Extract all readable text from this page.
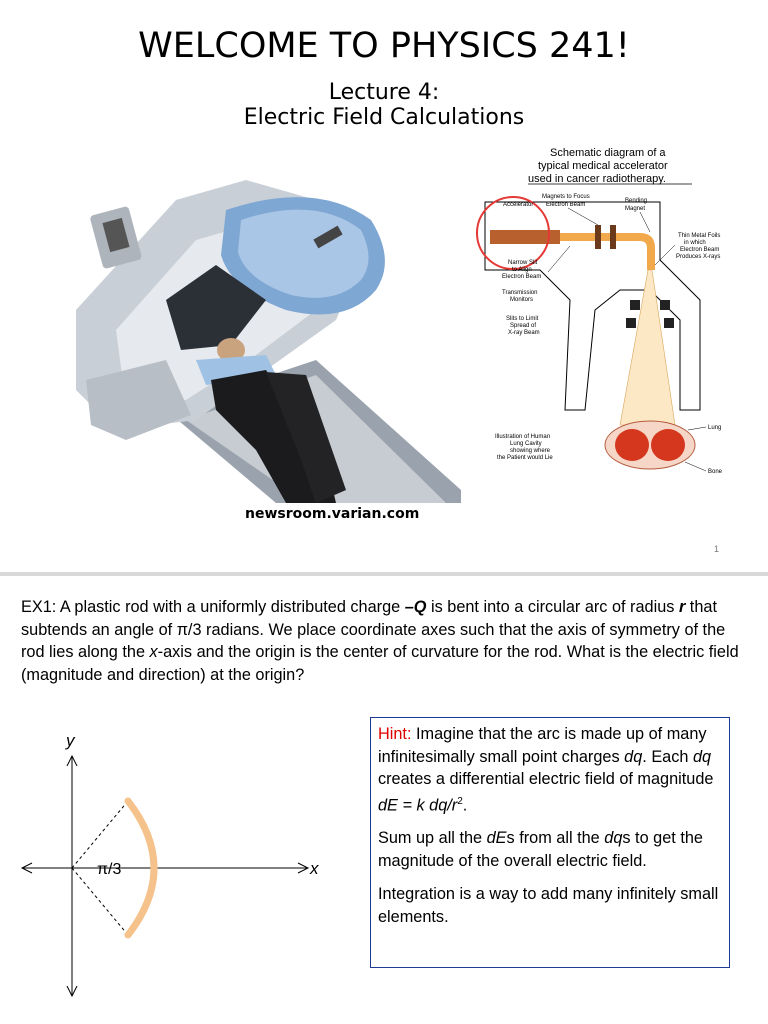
WELCOME TO PHYSICS 241!
Lecture 4:
Electric Field Calculations
Schematic diagram of a
typical medical accelerator
used in cancer radiotherapy.
Accelerator
Magnets to Focus
Electron Beam
Bending
Magnet
Thin Metal Foils
in which
Electron Beam
Produces X-rays
Narrow Slit
to Align
Electron Beam
Transmission
Monitors
Slits to Limit
Spread of
X-ray Beam
Lung
Bone
Illustration of Human
Lung Cavity
showing where
the Patient would Lie
newsroom.varian.com
1
EX1: A plastic rod with a uniformly distributed charge –Q is bent into a circular arc of radius r that subtends an angle of π/3 radians. We place coordinate axes such that the axis of symmetry of the rod lies along the x-axis and the origin is the center of curvature for the rod. What is the electric field (magnitude and direction) at the origin?
y
x
π/3

Hint: Imagine that the arc is made up of many infinitesimally small point charges dq. Each dq creates a differential electric field of magnitude dE = k $dq/r^2$.

Sum up all the dEs from all the dqs to get the magnitude of the overall electric field.

Integration is a way to add many infinitely small elements.
